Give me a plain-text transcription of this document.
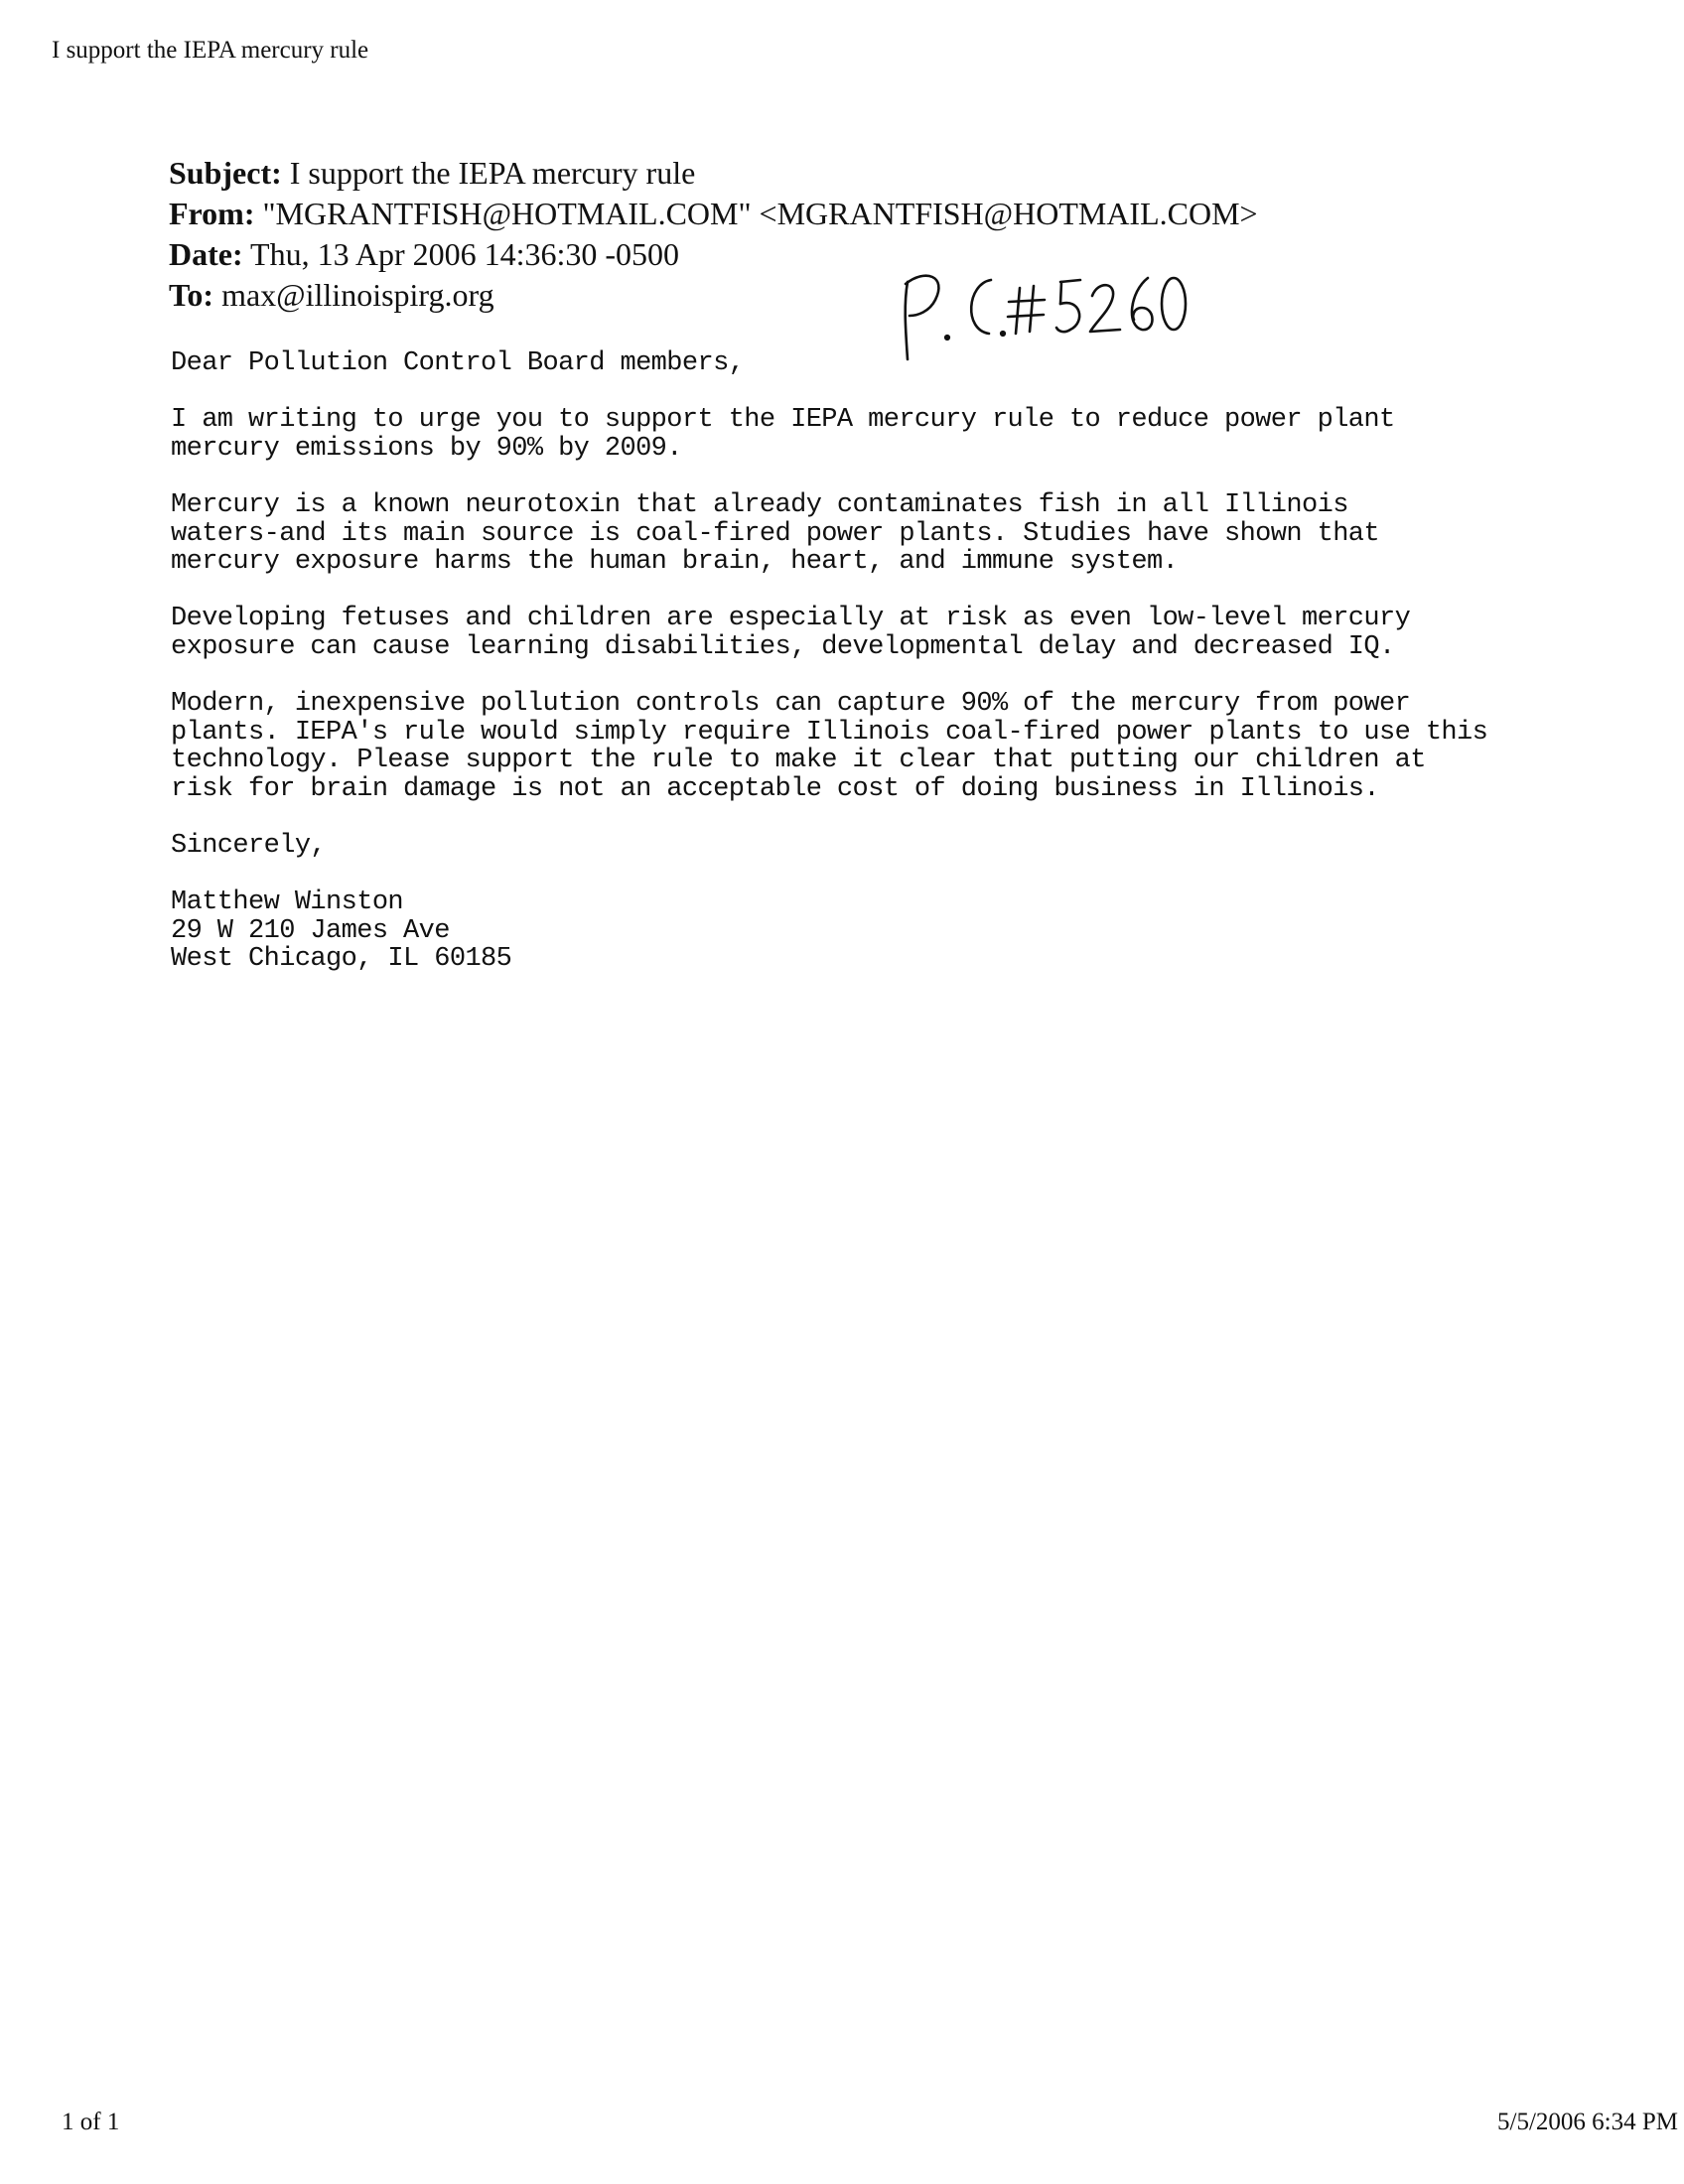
I support the IEPA mercury rule
Subject: I support the IEPA mercury rule
From: "MGRANTFISH@HOTMAIL.COM" <MGRANTFISH@HOTMAIL.COM>
Date: Thu, 13 Apr 2006 14:36:30 -0500
To: max@illinoispirg.org
Dear Pollution Control Board members,
I am writing to urge you to support the IEPA mercury rule to reduce power plant
mercury emissions by 90% by 2009.
Mercury is a known neurotoxin that already contaminates fish in all Illinois
waters-and its main source is coal-fired power plants. Studies have shown that
mercury exposure harms the human brain, heart, and immune system.
Developing fetuses and children are especially at risk as even low-level mercury
exposure can cause learning disabilities, developmental delay and decreased IQ.
Modern, inexpensive pollution controls can capture 90% of the mercury from power
plants. IEPA's rule would simply require Illinois coal-fired power plants to use this
technology. Please support the rule to make it clear that putting our children at
risk for brain damage is not an acceptable cost of doing business in Illinois.
Sincerely,
Matthew Winston
29 W 210 James Ave
West Chicago, IL 60185
1 of 1	5/5/2006 6:34 PM
